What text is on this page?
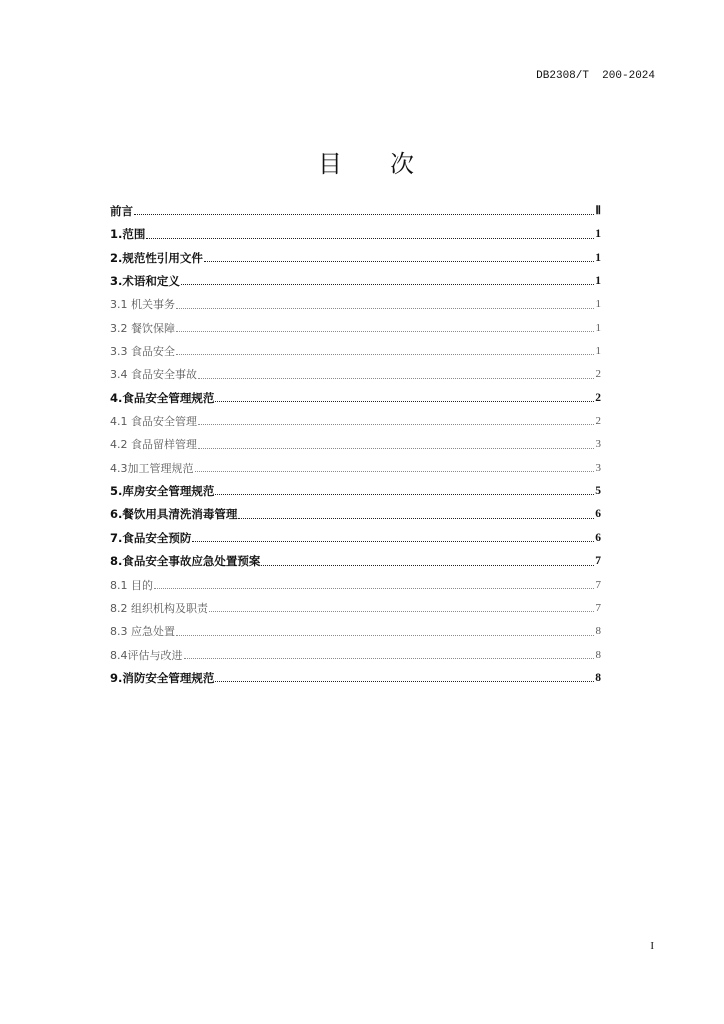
DB2308/T  200-2024
目　　次
前言	Ⅱ
1.范围	1
2.规范性引用文件	1
3.术语和定义	1
3.1 机关事务	1
3.2 餐饮保障	1
3.3 食品安全	1
3.4 食品安全事故	2
4.食品安全管理规范	2
4.1 食品安全管理	2
4.2 食品留样管理	3
4.3加工管理规范	3
5.库房安全管理规范	5
6.餐饮用具清洗消毒管理	6
7.食品安全预防	6
8.食品安全事故应急处置预案	7
8.1 目的	7
8.2 组织机构及职责	7
8.3 应急处置	8
8.4评估与改进	8
9.消防安全管理规范	8
I
